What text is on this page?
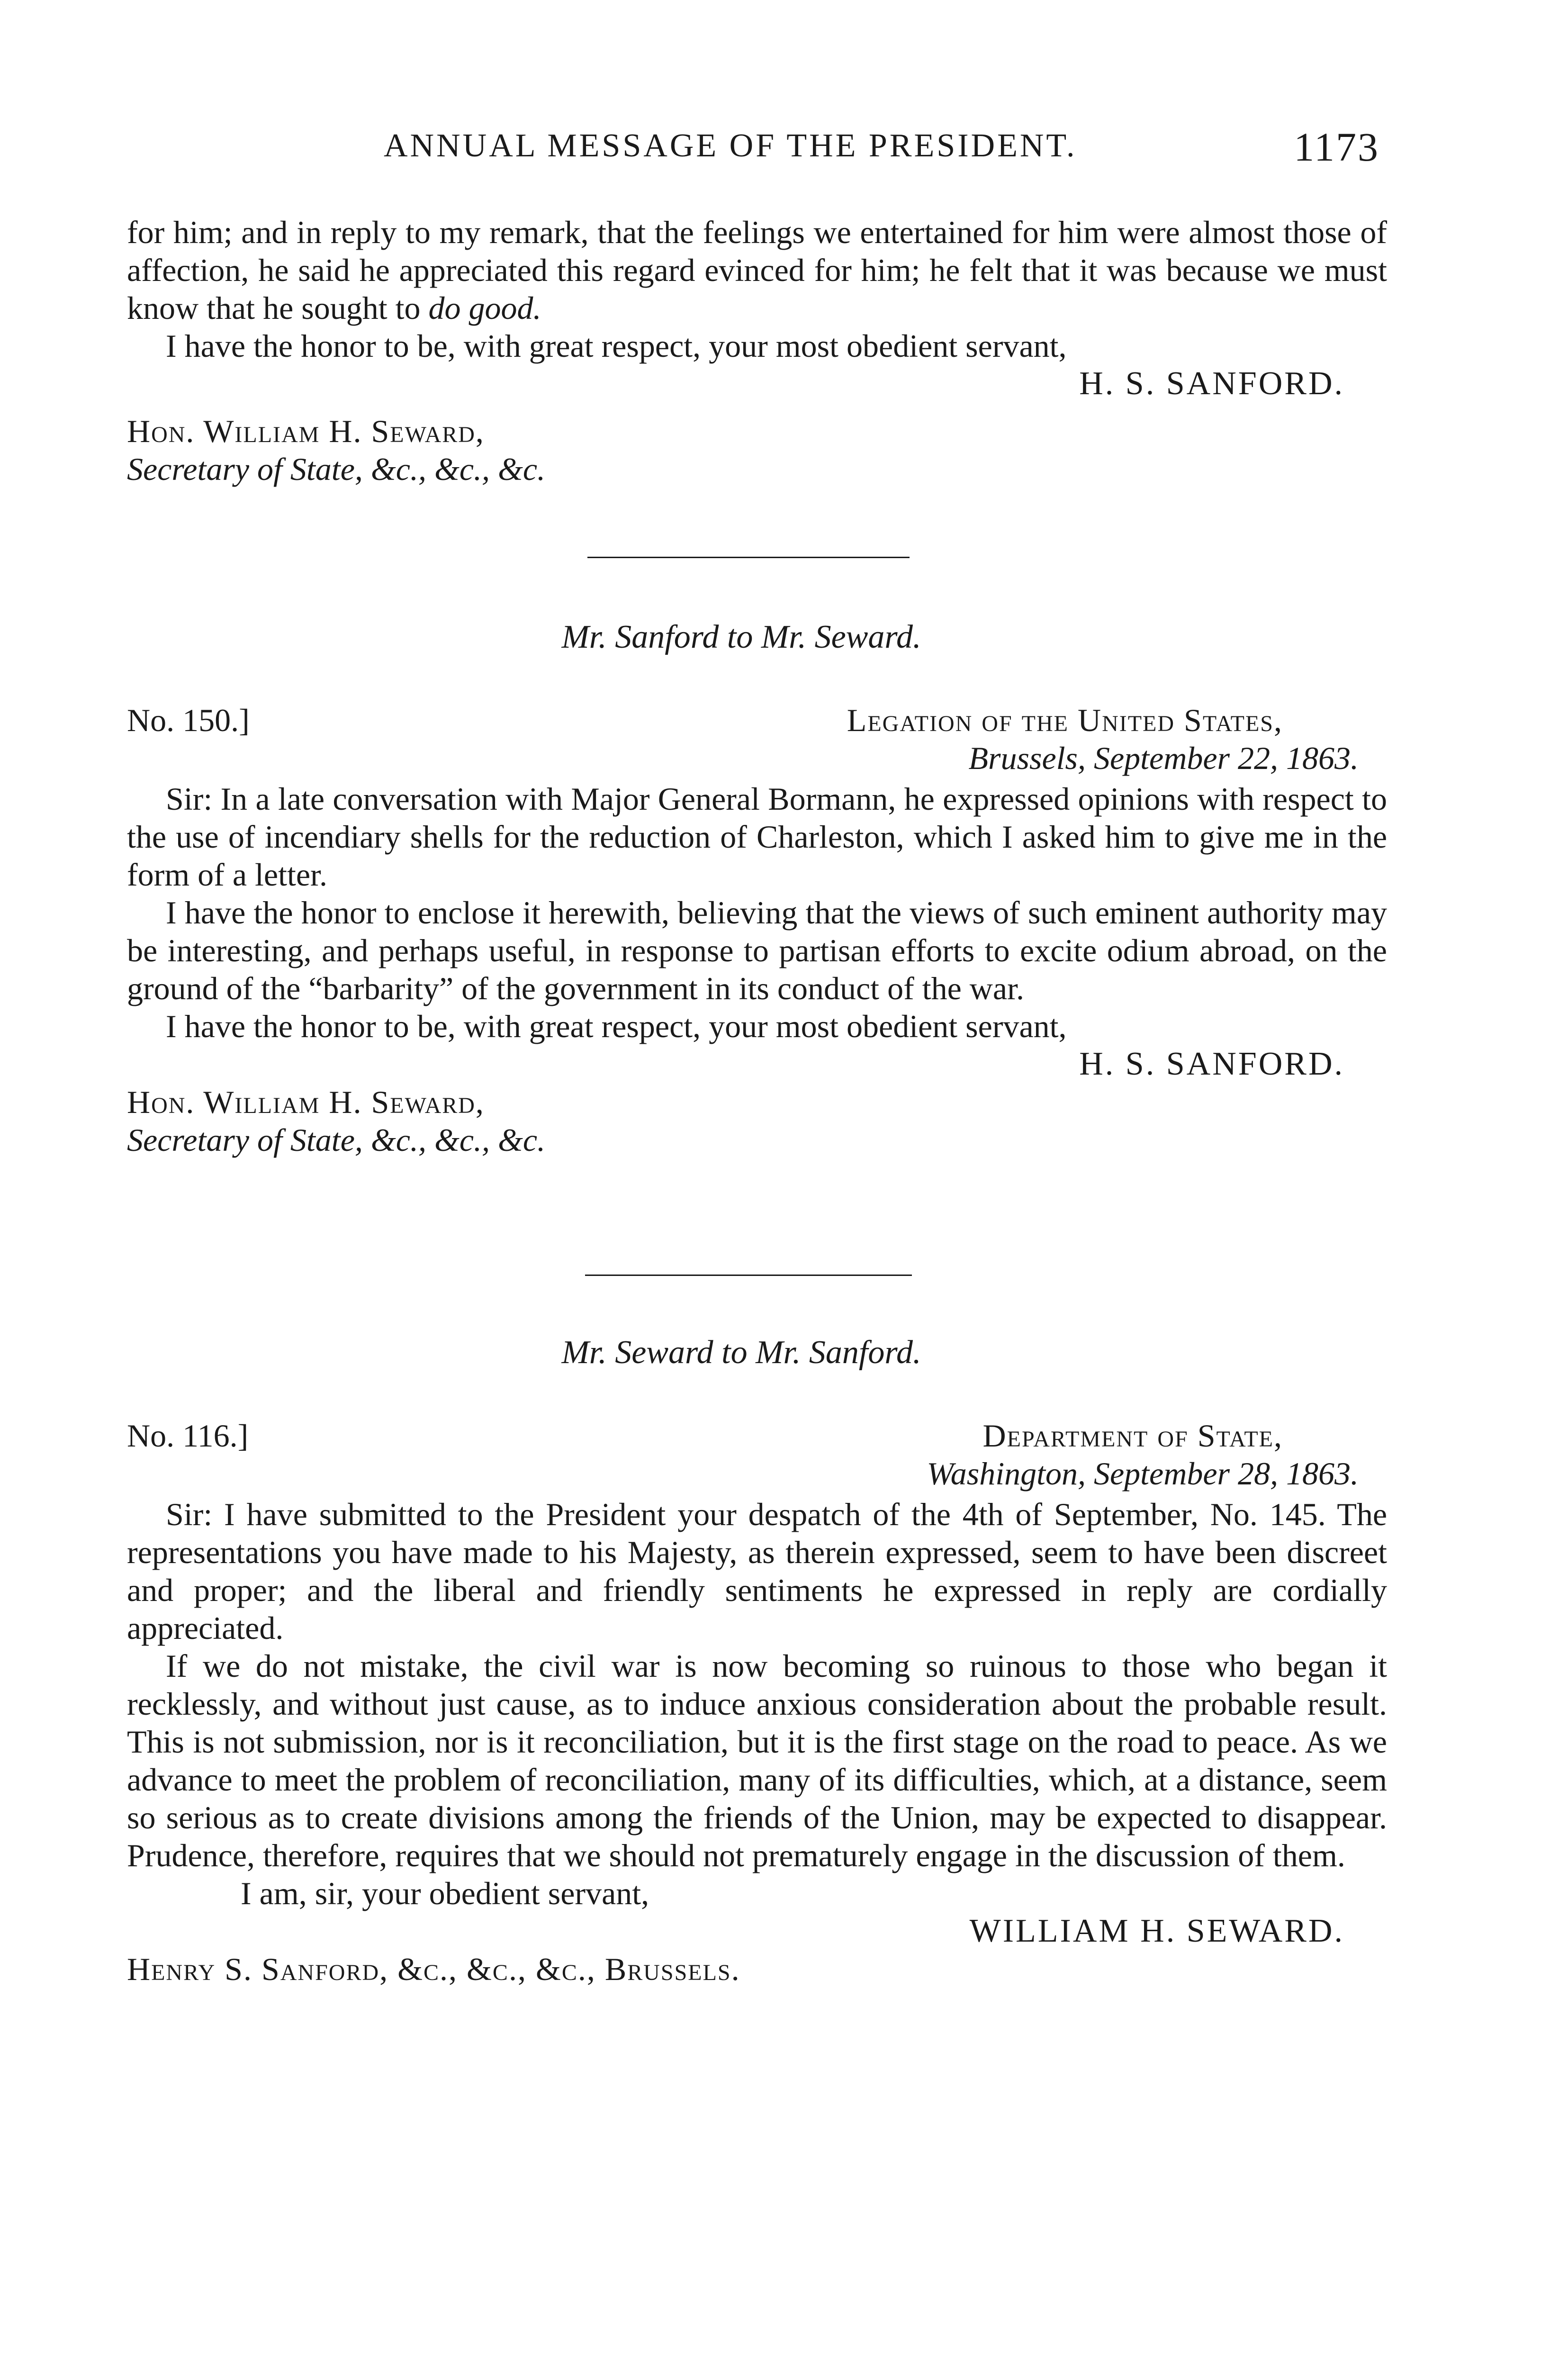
ANNUAL MESSAGE OF THE PRESIDENT.	1173

for him; and in reply to my remark, that the feelings we entertained for him were almost those of affection, he said he appreciated this regard evinced for him; he felt that it was because we must know that he sought to do good.

I have the honor to be, with great respect, your most obedient servant,

H. S. SANFORD.

Hon. William H. Seward,

Secretary of State, &c., &c., &c.

Mr. Sanford to Mr. Seward.
No. 150.]	Legation of the United States,

Brussels, September 22, 1863.

Sir: In a late conversation with Major General Bormann, he expressed opinions with respect to the use of incendiary shells for the reduction of Charleston, which I asked him to give me in the form of a letter.

I have the honor to enclose it herewith, believing that the views of such eminent authority may be interesting, and perhaps useful, in response to partisan efforts to excite odium abroad, on the ground of the “barbarity” of the government in its conduct of the war.

I have the honor to be, with great respect, your most obedient servant,

H. S. SANFORD.

Hon. William H. Seward,

Secretary of State, &c., &c., &c.

Mr. Seward to Mr. Sanford.
No. 116.]	Department of State,

Washington, September 28, 1863.

Sir: I have submitted to the President your despatch of the 4th of September, No. 145. The representations you have made to his Majesty, as therein expressed, seem to have been discreet and proper; and the liberal and friendly sentiments he expressed in reply are cordially appreciated.

If we do not mistake, the civil war is now becoming so ruinous to those who began it recklessly, and without just cause, as to induce anxious consideration about the probable result. This is not submission, nor is it reconciliation, but it is the first stage on the road to peace. As we advance to meet the problem of reconciliation, many of its difficulties, which, at a distance, seem so serious as to create divisions among the friends of the Union, may be expected to disappear. Prudence, therefore, requires that we should not prematurely engage in the discussion of them.

I am, sir, your obedient servant,

WILLIAM H. SEWARD.

Henry S. Sanford, &c., &c., &c., Brussels.
